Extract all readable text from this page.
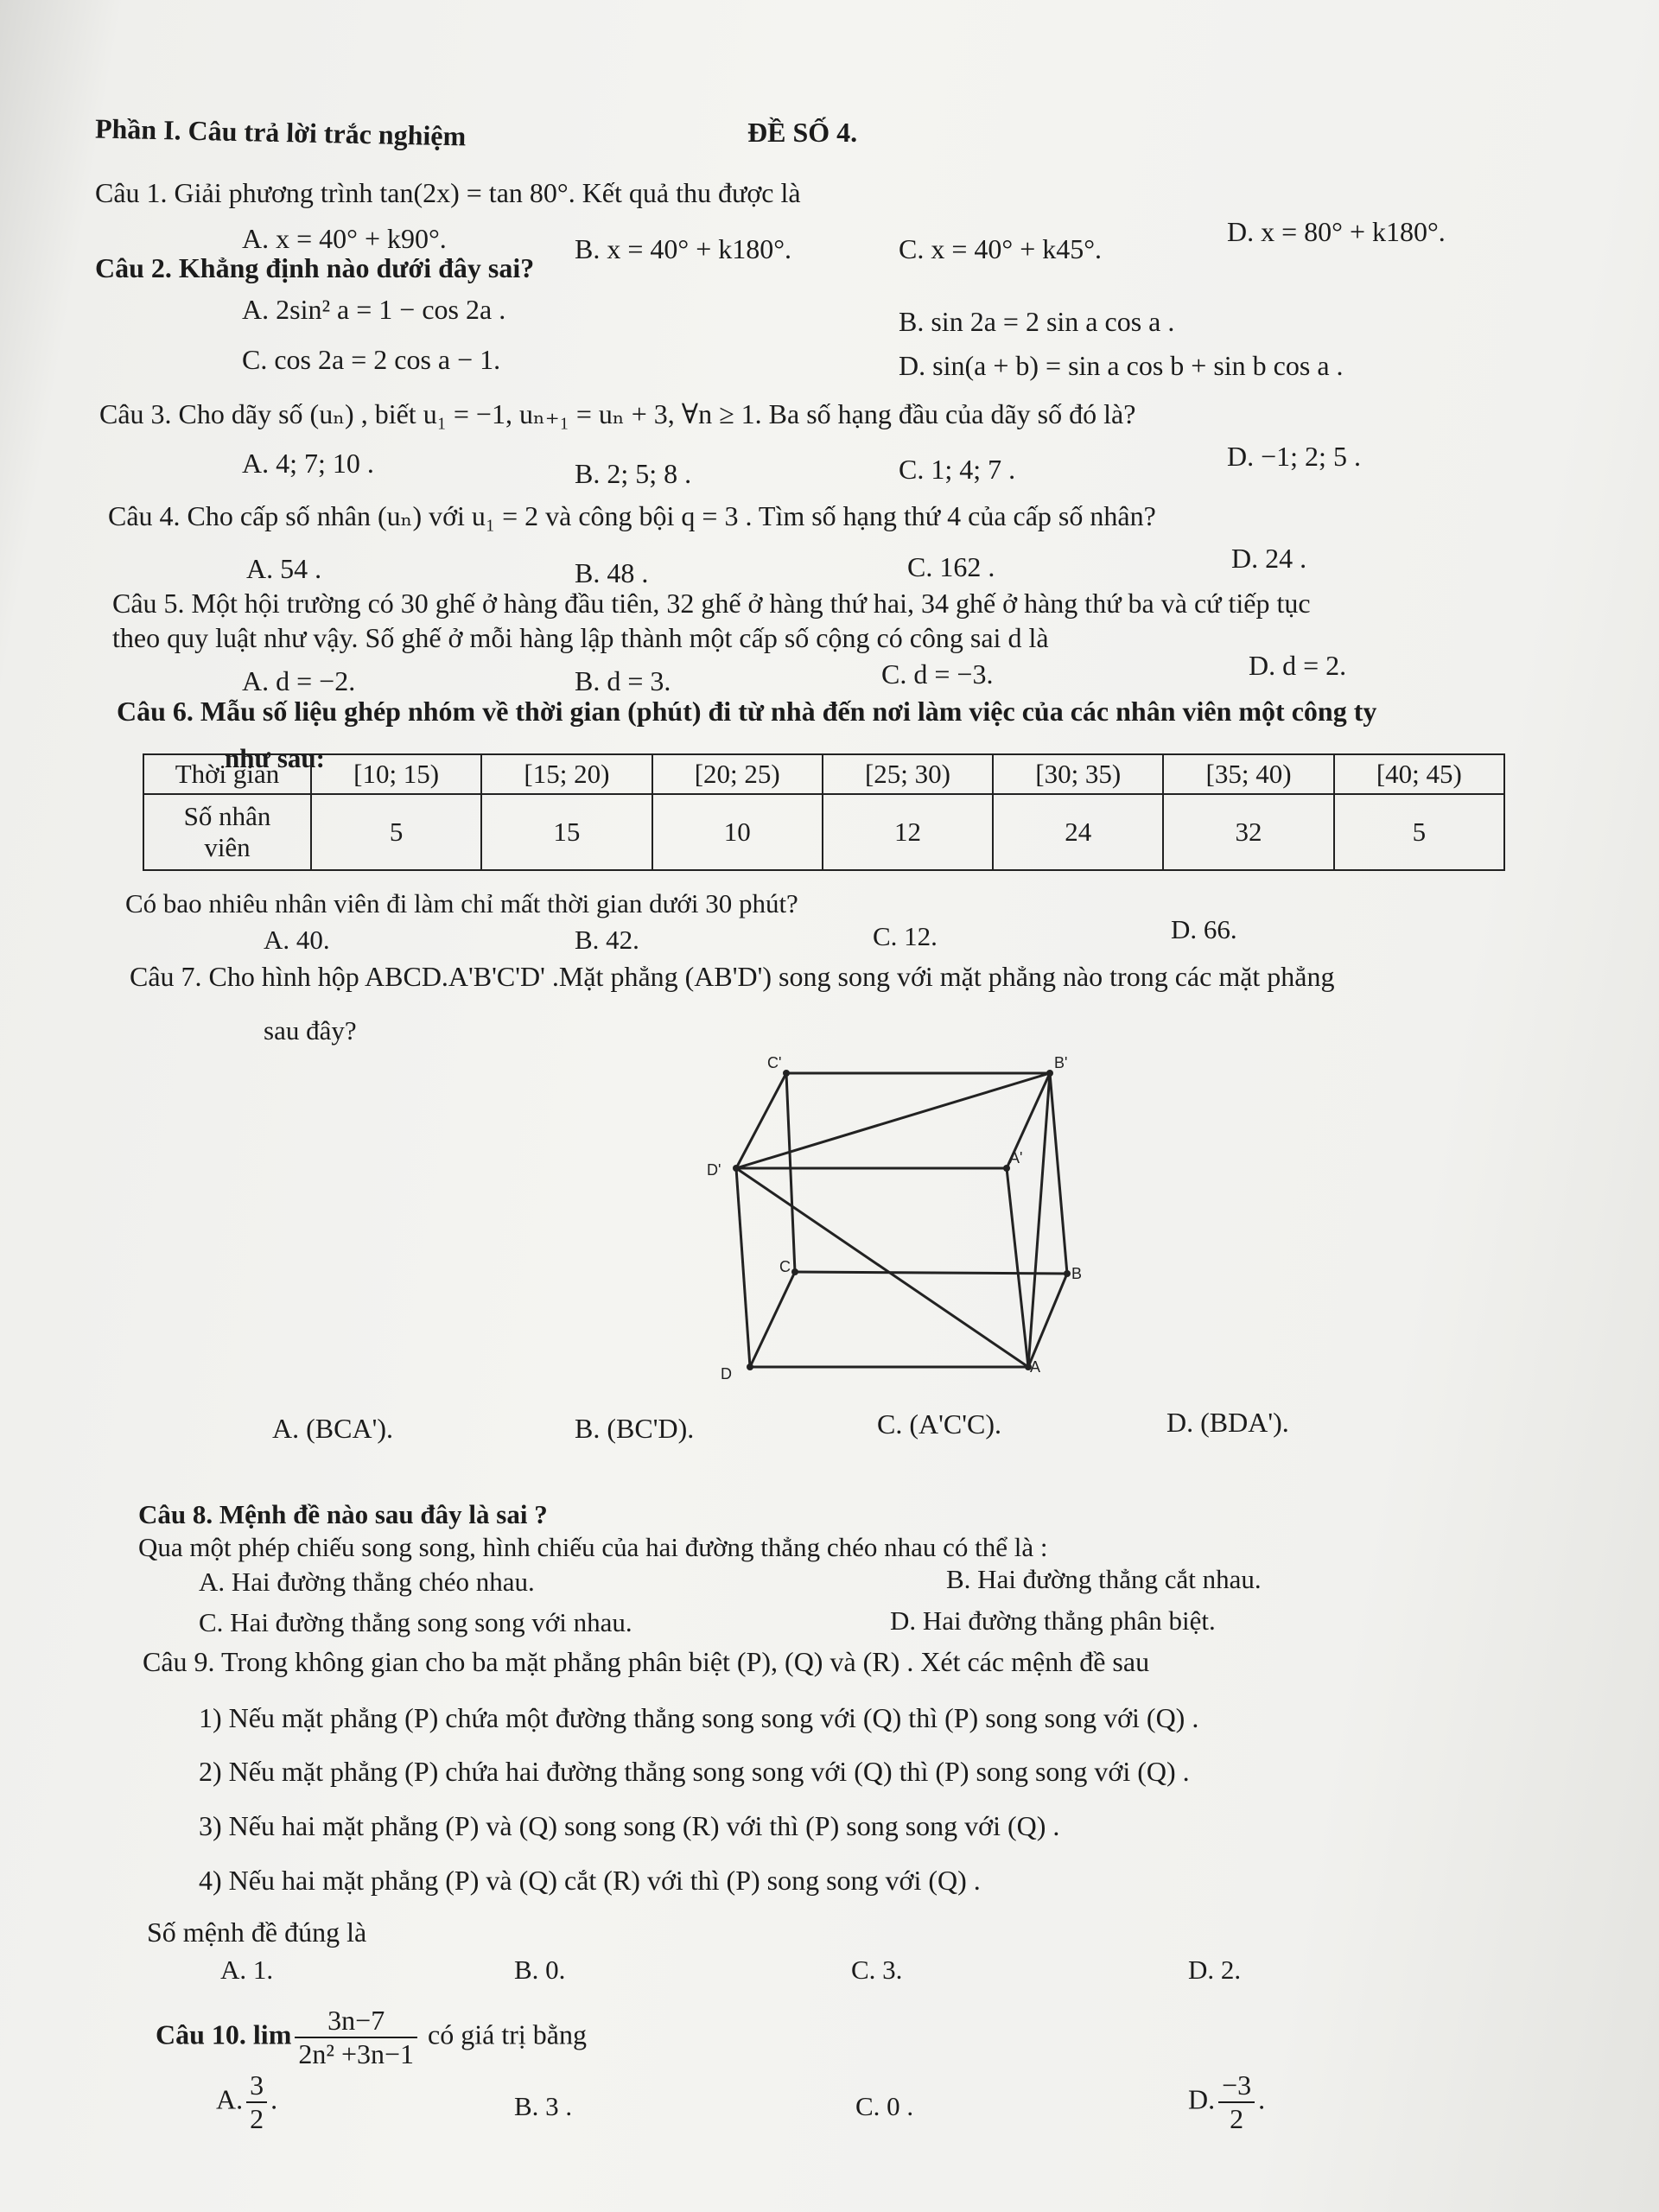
Phần I. Câu trả lời trắc nghiệm	ĐỀ SỐ 4.
Câu 1. Giải phương trình tan(2x) = tan 80°. Kết quả thu được là
A. x = 40° + k90°.	B. x = 40° + k180°.	C. x = 40° + k45°.
D. x = 80° + k180°.
Câu 2. Khẳng định nào dưới đây sai?
A. 2sin² a = 1 − cos 2a .	B. sin 2a = 2 sin a cos a .
C. cos 2a = 2 cos a − 1.	D. sin(a + b) = sin a cos b + sin b cos a .
Câu 3. Cho dãy số (uₙ) , biết u₁ = −1, uₙ₊₁ = uₙ + 3, ∀n ≥ 1. Ba số hạng đầu của dãy số đó là?
A. 4; 7; 10 .	B. 2; 5; 8 .	C. 1; 4; 7 .	D. −1; 2; 5 .
Câu 4. Cho cấp số nhân (uₙ) với u₁ = 2 và công bội q = 3 . Tìm số hạng thứ 4 của cấp số nhân?
A. 54 .	B. 48 .	C. 162 .	D. 24 .
Câu 5. Một hội trường có 30 ghế ở hàng đầu tiên, 32 ghế ở hàng thứ hai, 34 ghế ở hàng thứ ba và cứ tiếp tục
theo quy luật như vậy. Số ghế ở mỗi hàng lập thành một cấp số cộng có công sai d là
A. d = −2.	B. d = 3.	C. d = −3.	D. d = 2.
Câu 6. Mẫu số liệu ghép nhóm về thời gian (phút) đi từ nhà đến nơi làm việc của các nhân viên một công ty
như sau:
Thời gian	[10; 15)	[15; 20)	[20; 25)	[25; 30)	[30; 35)	[35; 40)	[40; 45)
Số nhân
viên	5	15	10	12	24	32	5
Có bao nhiêu nhân viên đi làm chỉ mất thời gian dưới 30 phút?
A. 40.	B. 42.	C. 12.	D. 66.
Câu 7. Cho hình hộp ABCD.A'B'C'D' .Mặt phẳng (AB'D') song song với mặt phẳng nào trong các mặt phẳng
sau đây?
C'	B'
D'
A'
C	B
D	A
A. (BCA').	B. (BC'D).	C. (A'C'C).	D. (BDA').
Câu 8. Mệnh đề nào sau đây là sai ?
Qua một phép chiếu song song, hình chiếu của hai đường thẳng chéo nhau có thể là :
A. Hai đường thẳng chéo nhau.	B. Hai đường thẳng cắt nhau.
C. Hai đường thẳng song song với nhau.	D. Hai đường thẳng phân biệt.
Câu 9. Trong không gian cho ba mặt phẳng phân biệt (P), (Q) và (R) . Xét các mệnh đề sau
1) Nếu mặt phẳng (P) chứa một đường thẳng song song với (Q) thì (P) song song với (Q) .
2) Nếu mặt phẳng (P) chứa hai đường thẳng song song với (Q) thì (P) song song với (Q) .
3) Nếu hai mặt phẳng (P) và (Q) song song (R) với thì (P) song song với (Q) .
4) Nếu hai mặt phẳng (P) và (Q) cắt (R) với thì (P) song song với (Q) .
Số mệnh đề đúng là
A. 1.	B. 0.	C. 3.	D. 2.
Câu 10. $\lim \frac{3n-7}{\text{2n² +3n−1}}$ có giá trị bằng
A. $\frac{3}{2}$ .	B. 3 .	C. 0 .	D. $\frac{-3}{2}$ .
